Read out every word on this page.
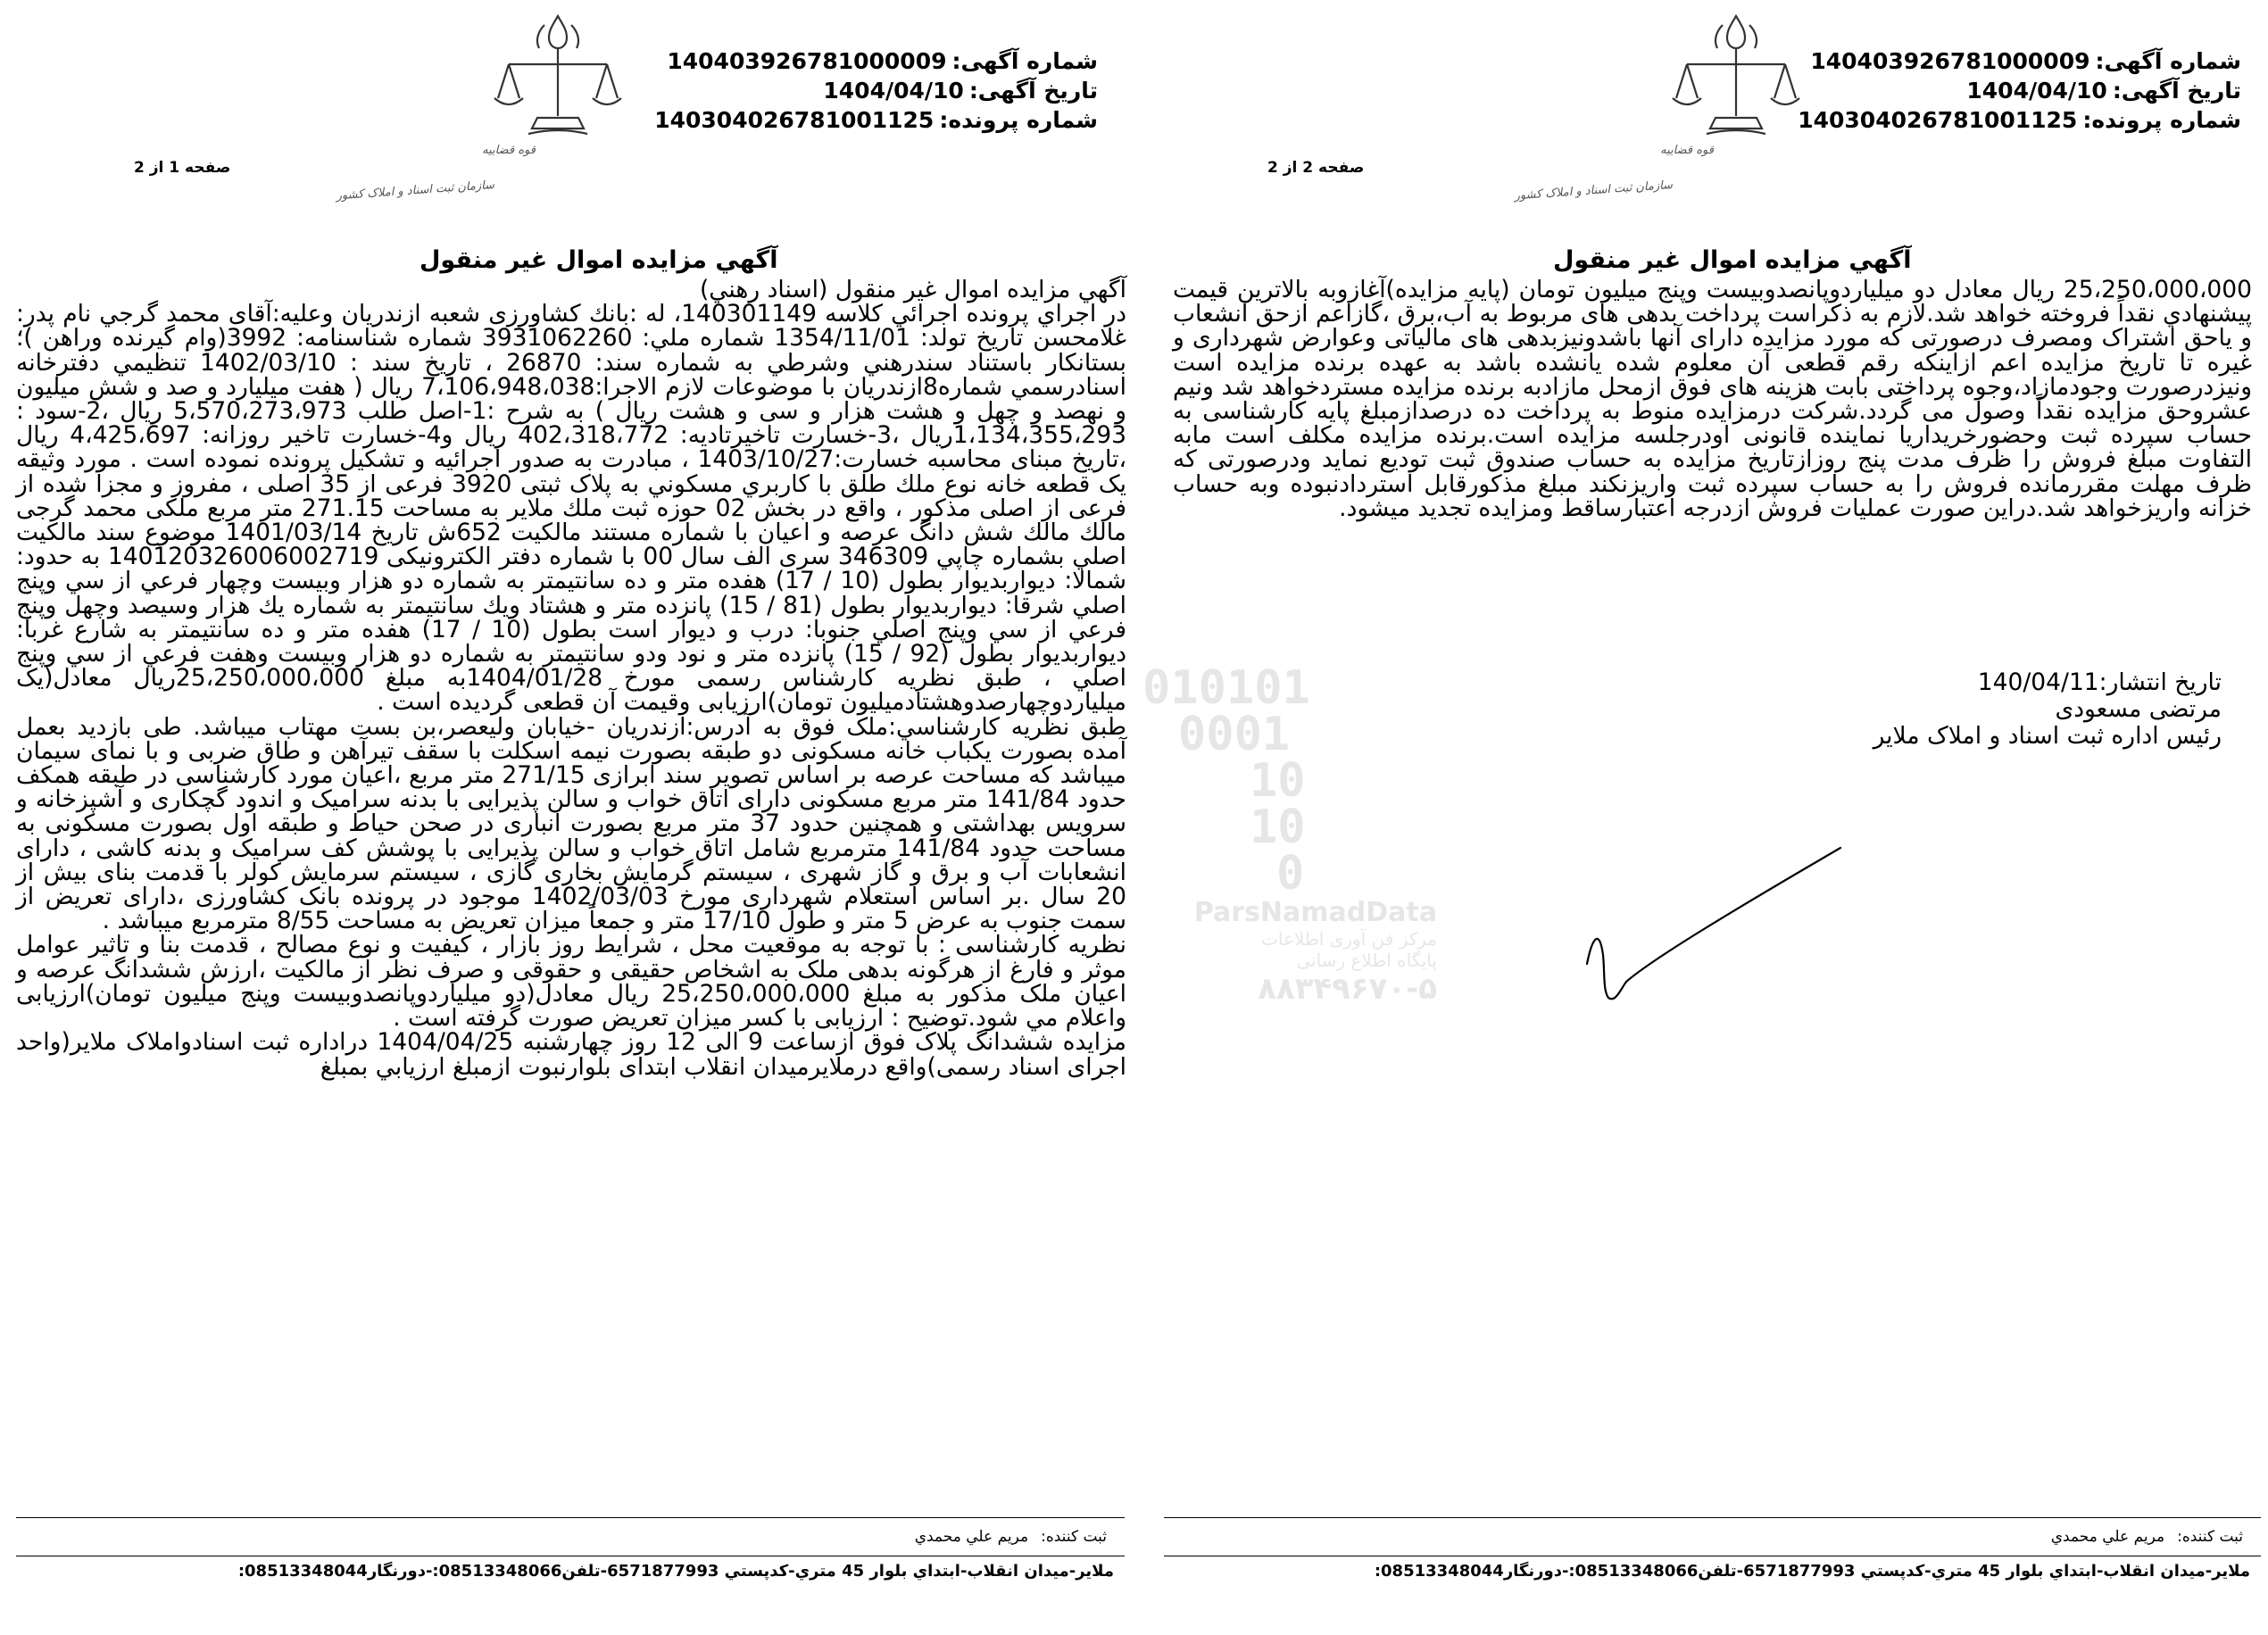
شماره آگهی:
140403926781000009
تاریخ آگهی:
1404/04/10
شماره پرونده:
140304026781001125
قوه قضاییه
سازمان ثبت اسناد و املاک کشور
صفحه 2 از 2
آگهي مزايده اموال غير منقول

25،250،000،000 ريال معادل دو ميلياردوپانصدوبيست وپنج ميليون تومان (پايه مزايده)آغازوبه بالاترين قيمت پيشنهادي نقداً فروخته خواهد شد.لازم به ذکراست پرداخت بدهی های مربوط به آب،برق ،گازاعم ازحق انشعاب و یاحق اشتراک ومصرف درصورتی که مورد مزایده دارای آنها باشدونیزبدهی های مالیاتی وعوارض شهرداری و غیره تا تاریخ مزایده اعم ازاینکه رقم قطعی آن معلوم شده یانشده باشد به عهده برنده مزایده است ونیزدرصورت وجودمازاد،وجوه پرداختی بابت هزینه های فوق ازمحل مازادبه برنده مزایده مستردخواهد شد ونیم عشروحق مزایده نقداً وصول می گردد.شرکت درمزایده منوط به پرداخت ده درصدازمبلغ پایه کارشناسی به حساب سپرده ثبت وحضورخریداریا نماینده قانونی اودرجلسه مزایده است.برنده مزایده مکلف است مابه التفاوت مبلغ فروش را ظرف مدت پنج روزازتاریخ مزایده به حساب صندوق ثبت تودیع نماید ودرصورتی که ظرف مهلت مقررمانده فروش را به حساب سپرده ثبت واریزنکند مبلغ مذکورقابل استردادنبوده وبه حساب خزانه واریزخواهد شد.دراین صورت عملیات فروش ازدرجه اعتبارساقط ومزایده تجدید میشود.

تاریخ انتشار:140/04/11
مرتضی مسعودی
رئيس اداره ثبت اسناد و املاک ملاير
ثبت کننده:
مريم علي محمدي
ملاير-ميدان انقلاب-ابتداي بلوار 45 متري-کدپستي 6571877993-تلفن08513348066:-دورنگار08513348044:
شماره آگهی:
140403926781000009
تاریخ آگهی:
1404/04/10
شماره پرونده:
140304026781001125
قوه قضاییه
سازمان ثبت اسناد و املاک کشور
صفحه 1 از 2
آگهي مزايده اموال غير منقول

آگهي مزايده اموال غير منقول (اسناد رهني)

در اجراي پرونده اجرائي کلاسه 140301149، له :بانك كشاورزى شعبه ازندريان وعليه:آقاى محمد گرجي نام پدر: غلامحسن تاريخ تولد: 1354/11/01 شماره ملي: 3931062260 شماره شناسنامه: 3992(وام گيرنده وراهن )؛بستانكار باستناد سندرهني وشرطي به شماره سند: 26870 ، تاريخ سند : 1402/03/10 تنظيمي دفترخانه اسنادرسمي شماره8ازندريان با موضوعات لازم الاجرا:7،106،948،038 ريال ( هفت ميليارد و صد و شش ميليون و نهصد و چهل و هشت هزار و سى و هشت ريال ) به شرح :1-اصل طلب 5،570،273،973 ريال ،2-سود : 1،134،355،293ريال ،3-خسارت تاخيرتاديه: 402،318،772 ريال و4-خسارت تاخير روزانه: 4،425،697 ريال ،تاريخ مبناى محاسبه خسارت:1403/10/27 ، مبادرت به صدور اجرائيه و تشكيل پرونده نموده است . مورد وثيقه يک قطعه خانه نوع ملك طلق با كاربري مسكوني به پلاک ثبتی 3920 فرعی از 35 اصلی ، مفروز و مجزا شده از فرعی از اصلی مذکور ، واقع در بخش 02 حوزه ثبت ملك ملاير به مساحت 271.15 متر مربع ملكى محمد گرجى مالك مالك شش دانگ عرصه و اعيان با شماره مستند مالكيت 652ش تاريخ 1401/03/14 موضوع سند مالكيت اصلي بشماره چاپي 346309 سری الف سال 00 با شماره دفتر الكترونيكى 140120326006002719 به حدود: شمالا: ديواربديوار بطول (10 / 17) هفده متر و ده سانتيمتر به شماره دو هزار وبيست وچهار فرعي از سي وپنج اصلي شرقا: ديواربديوار بطول (81 / 15) پانزده متر و هشتاد ويك سانتيمتر به شماره يك هزار وسيصد وچهل وپنج فرعي از سي وپنج اصلي جنوبا: درب و ديوار است بطول (10 / 17) هفده متر و ده سانتيمتر به شارع غربا: ديواربديوار بطول (92 / 15) پانزده متر و نود ودو سانتيمتر به شماره دو هزار وبيست وهفت فرعي از سي وپنج اصلي ، طبق نظريه كارشناس رسمى مورخ 1404/01/28به مبلغ 25،250،000،000ريال معادل(يک ميلياردوچهارصدوهشتادميليون تومان)ارزيابى وقيمت آن قطعى گرديده است .

طبق نظريه كارشناسي:ملک فوق به آدرس:ازندريان -خيابان وليعصر،بن بست مهتاب ميباشد. طى بازديد بعمل آمده بصورت يكباب خانه مسكونى دو طبقه بصورت نيمه اسكلت با سقف تيرآهن و طاق ضربى و با نماى سيمان ميباشد كه مساحت عرصه بر اساس تصوير سند ابرازى 271/15 متر مربع ،اعيان مورد كارشناسى در طبقه همكف حدود 141/84 متر مربع مسكونى داراى اتاق خواب و سالن پذيرايى با بدنه سراميک و اندود گچكارى و آشپزخانه و سرويس بهداشتى و همچنين حدود 37 متر مربع بصورت انبارى در صحن حياط و طبقه اول بصورت مسكونى به مساحت حدود 141/84 مترمربع شامل اتاق خواب و سالن پذيرايى با پوشش كف سراميک و بدنه كاشى ، داراى انشعابات آب و برق و گاز شهرى ، سيستم گرمايش بخارى گازى ، سيستم سرمايش كولر با قدمت بناى بيش از 20 سال .بر اساس استعلام شهردارى مورخ 1402/03/03 موجود در پرونده بانک كشاورزى ،داراى تعريض از سمت جنوب به عرض 5 متر و طول 17/10 متر و جمعاً ميزان تعريض به مساحت 8/55 مترمربع ميباشد .

نظريه كارشناسى : با توجه به موقعيت محل ، شرايط روز بازار ، كيفيت و نوع مصالح ، قدمت بنا و تاثير عوامل موثر و فارغ از هرگونه بدهى ملک به اشخاص حقيقى و حقوقى و صرف نظر از مالكيت ،ارزش ششدانگ عرصه و اعيان ملک مذكور به مبلغ 25،250،000،000 ريال معادل(دو ميلياردوپانصدوبيست وپنج ميليون تومان)ارزيابى واعلام مي شود.توضيح : ارزيابى با كسر ميزان تعريض صورت گرفته است .

مزايده ششدانگ پلاک فوق ازساعت 9 الی 12 روز چهارشنبه 1404/04/25 دراداره ثبت اسنادواملاک ملاير(واحد اجرای اسناد رسمی)واقع درملايرميدان انقلاب ابتدای بلوارنبوت ازمبلغ ارزيابي بمبلغ

ثبت کننده:
مريم علي محمدي
ملاير-ميدان انقلاب-ابتداي بلوار 45 متري-کدپستي 6571877993-تلفن08513348066:-دورنگار08513348044:
010101
0001
10
10
0
ParsNamadData
مرکز فن آوری اطلاعات
پایگاه اطلاع رسانی
۸۸۳۴۹۶۷۰-۵
